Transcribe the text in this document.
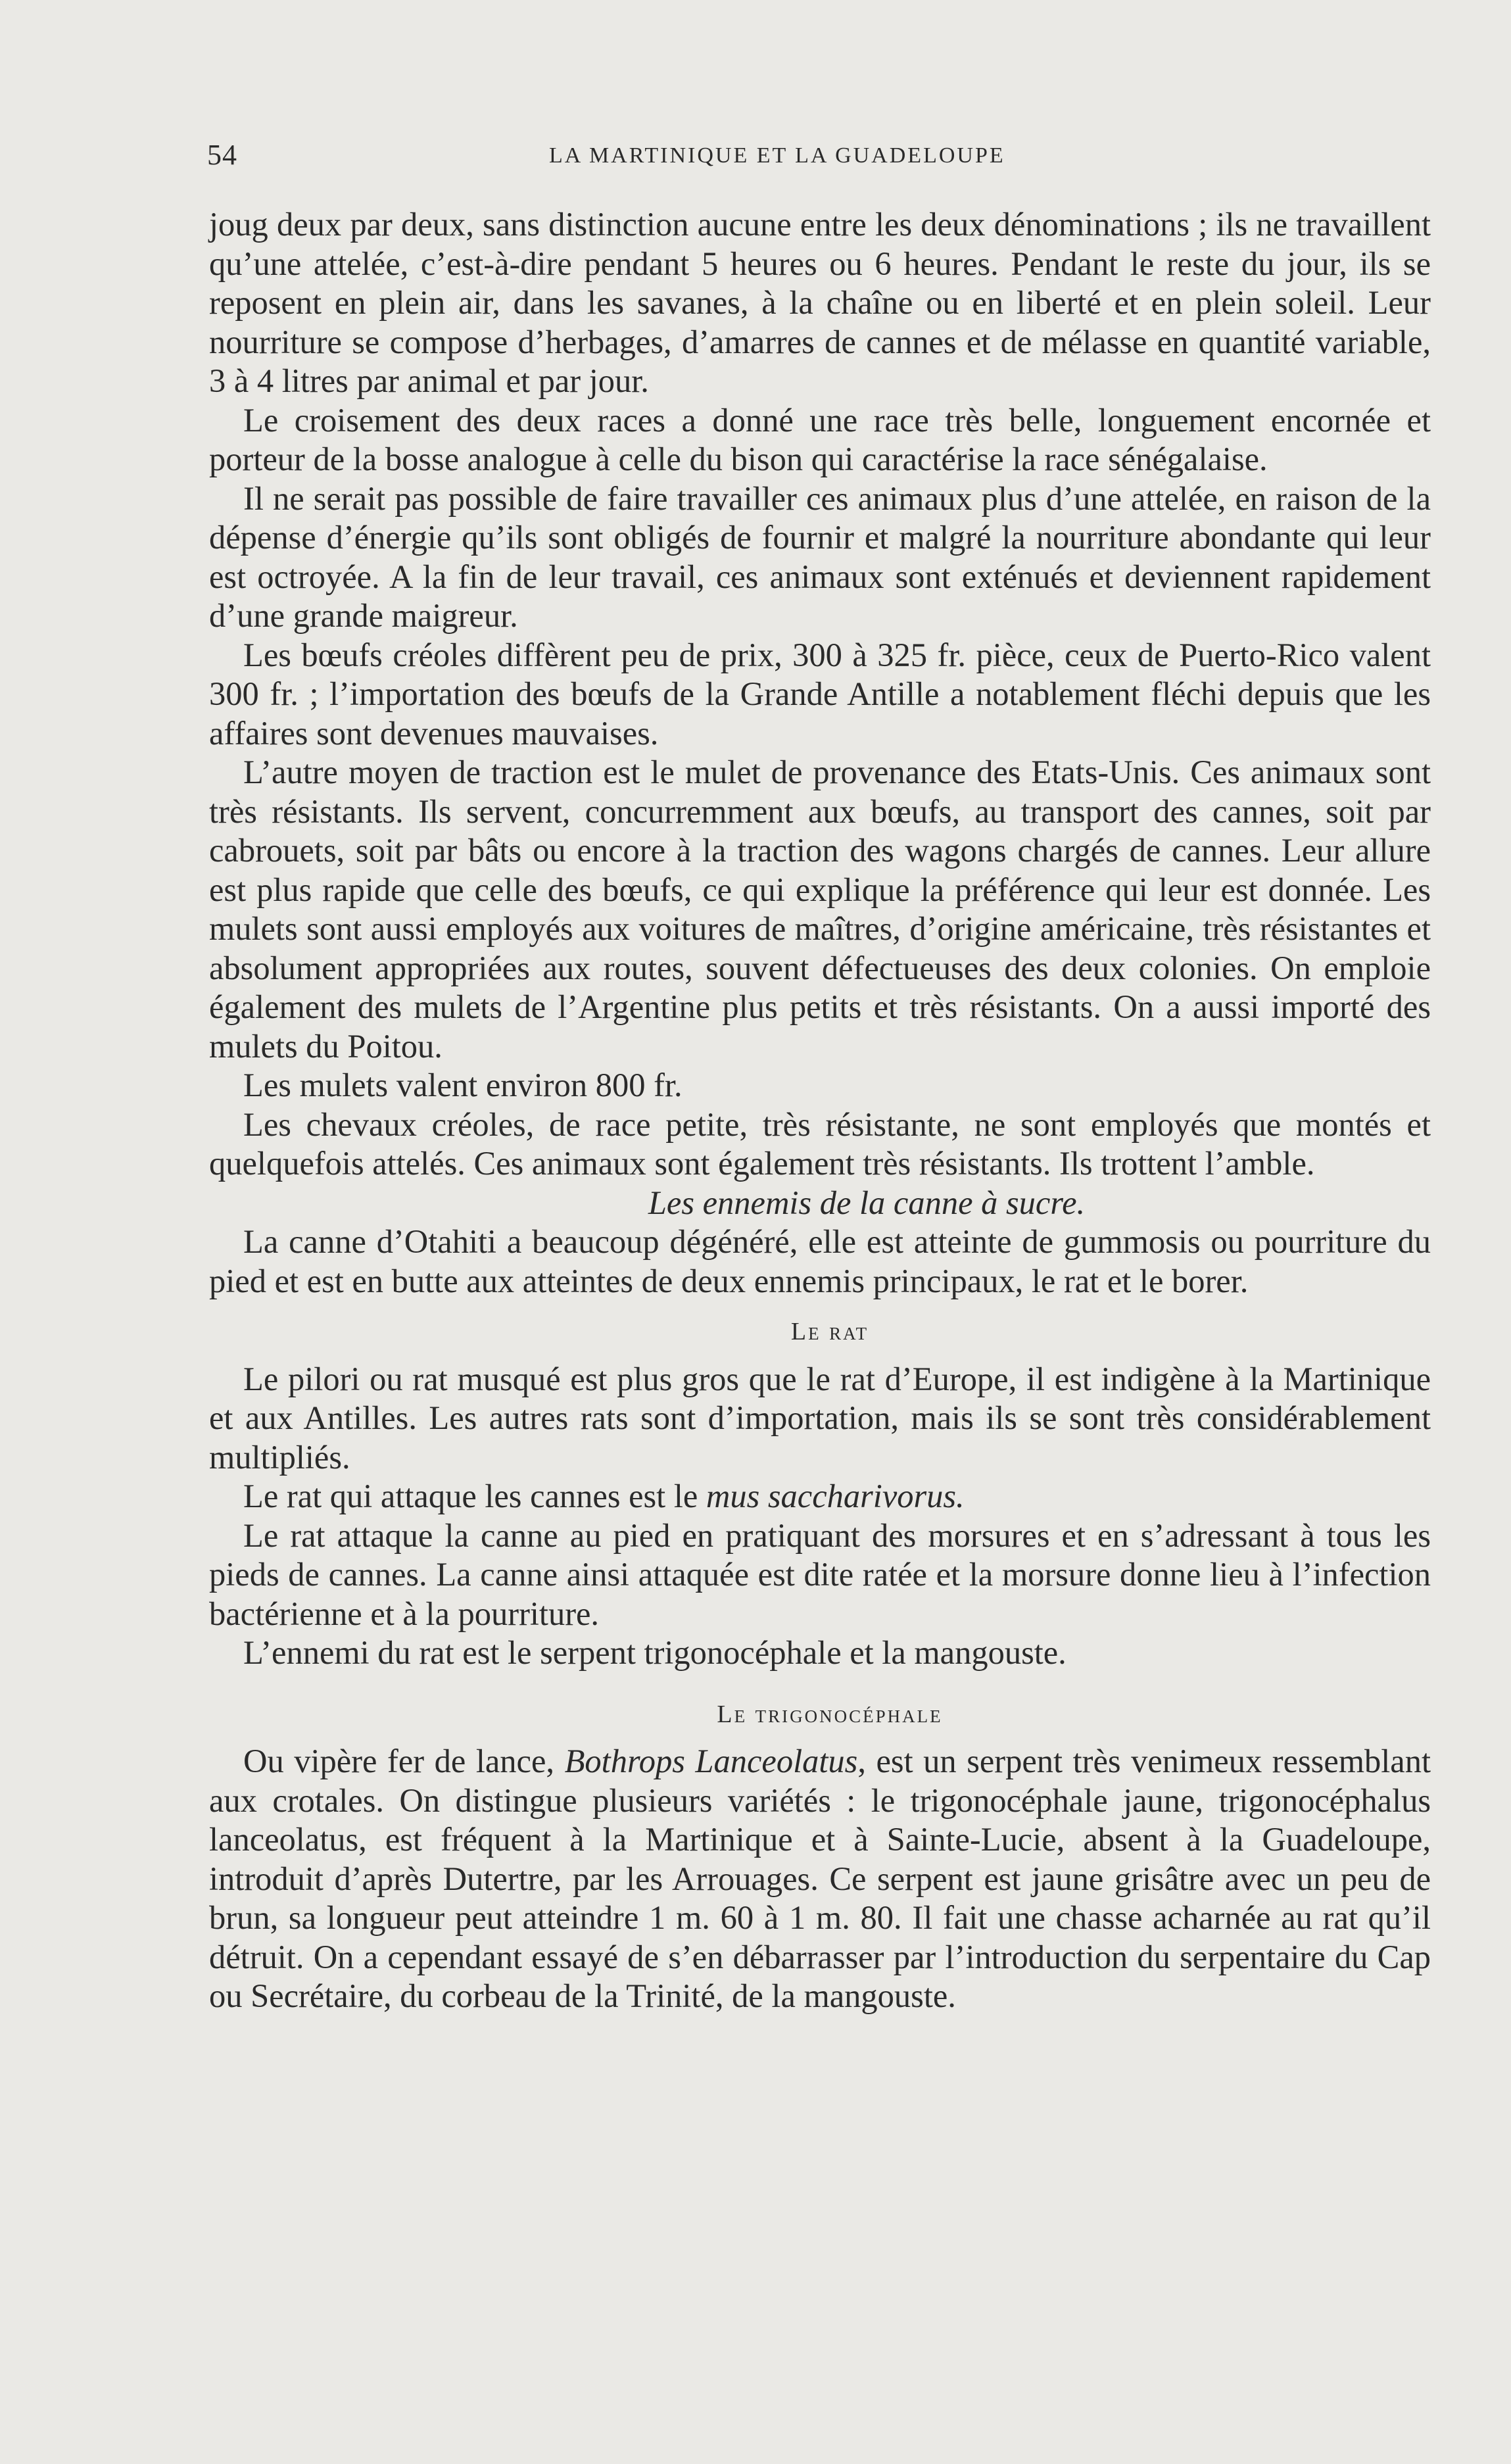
54	LA MARTINIQUE ET LA GUADELOUPE

joug deux par deux, sans distinction aucune entre les deux dénominations ; ils ne travaillent qu’une attelée, c’est-à-dire pendant 5 heures ou 6 heures. Pendant le reste du jour, ils se reposent en plein air, dans les savanes, à la chaîne ou en liberté et en plein soleil. Leur nourriture se compose d’herbages, d’amarres de cannes et de mélasse en quantité variable, 3 à 4 litres par animal et par jour.

Le croisement des deux races a donné une race très belle, longuement encornée et porteur de la bosse analogue à celle du bison qui caractérise la race sénégalaise.

Il ne serait pas possible de faire travailler ces animaux plus d’une attelée, en raison de la dépense d’énergie qu’ils sont obligés de fournir et malgré la nourriture abondante qui leur est octroyée. A la fin de leur travail, ces animaux sont exténués et deviennent rapidement d’une grande maigreur.

Les bœufs créoles diffèrent peu de prix, 300 à 325 fr. pièce, ceux de Puerto-Rico valent 300 fr. ; l’importation des bœufs de la Grande Antille a notablement fléchi depuis que les affaires sont devenues mauvaises.

L’autre moyen de traction est le mulet de provenance des Etats-Unis. Ces animaux sont très résistants. Ils servent, concurremment aux bœufs, au transport des cannes, soit par cabrouets, soit par bâts ou encore à la traction des wagons chargés de cannes. Leur allure est plus rapide que celle des bœufs, ce qui explique la préférence qui leur est donnée. Les mulets sont aussi employés aux voitures de maîtres, d’origine américaine, très résistantes et absolument appropriées aux routes, souvent défectueuses des deux colonies. On emploie également des mulets de l’Argentine plus petits et très résistants. On a aussi importé des mulets du Poitou.

Les mulets valent environ 800 fr.

Les chevaux créoles, de race petite, très résistante, ne sont employés que montés et quelquefois attelés. Ces animaux sont également très résistants. Ils trottent l’amble.

Les ennemis de la canne à sucre.

La canne d’Otahiti a beaucoup dégénéré, elle est atteinte de gummosis ou pourriture du pied et est en butte aux atteintes de deux ennemis principaux, le rat et le borer.

Le rat

Le pilori ou rat musqué est plus gros que le rat d’Europe, il est indigène à la Martinique et aux Antilles. Les autres rats sont d’importation, mais ils se sont très considérablement multipliés.

Le rat qui attaque les cannes est le mus saccharivorus.

Le rat attaque la canne au pied en pratiquant des morsures et en s’adressant à tous les pieds de cannes. La canne ainsi attaquée est dite ratée et la morsure donne lieu à l’infection bactérienne et à la pourriture.

L’ennemi du rat est le serpent trigonocéphale et la mangouste.

Le trigonocéphale

Ou vipère fer de lance, Bothrops Lanceolatus, est un serpent très venimeux ressemblant aux crotales. On distingue plusieurs variétés : le trigonocéphale jaune, trigonocéphalus lanceolatus, est fréquent à la Martinique et à Sainte-Lucie, absent à la Guadeloupe, introduit d’après Dutertre, par les Arrouages. Ce serpent est jaune grisâtre avec un peu de brun, sa longueur peut atteindre 1 m. 60 à 1 m. 80. Il fait une chasse acharnée au rat qu’il détruit. On a cependant essayé de s’en débarrasser par l’introduction du serpentaire du Cap ou Secrétaire, du corbeau de la Trinité, de la mangouste.
